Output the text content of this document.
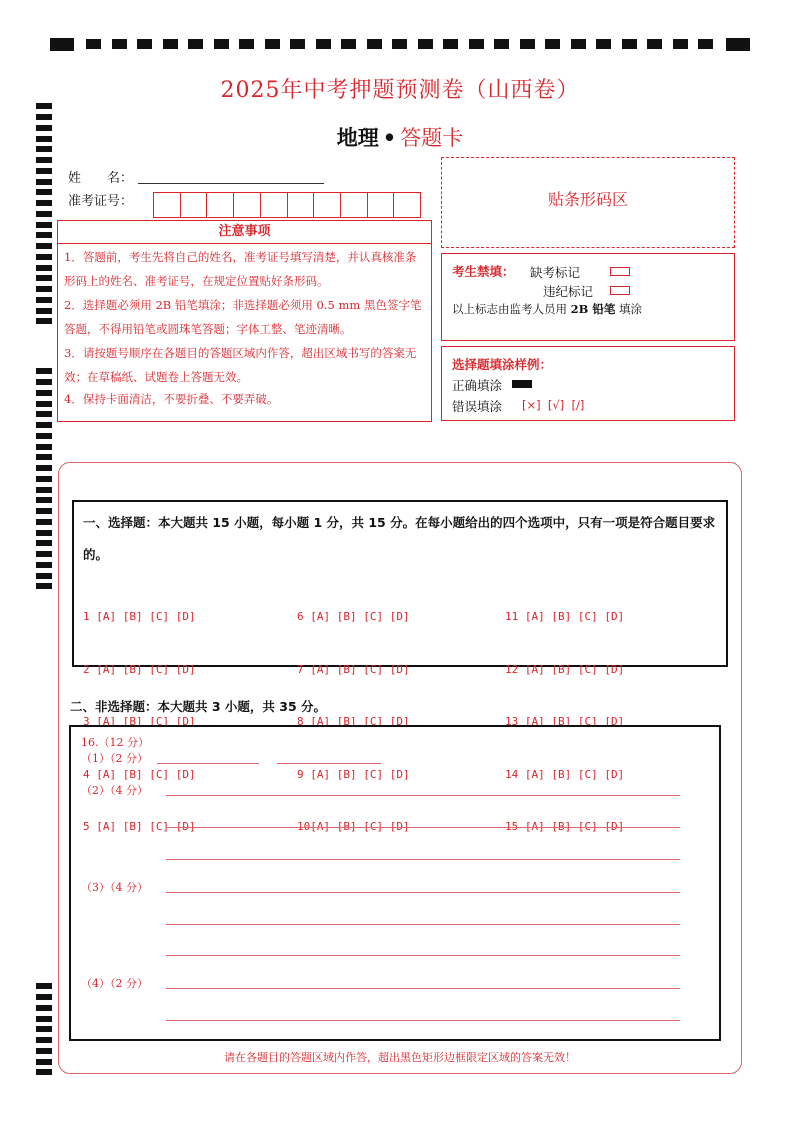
2025年中考押题预测卷（山西卷）
地理 • 答题卡
姓　　名：
准考证号：
注意事项
1．答题前，考生先将自己的姓名，准考证号填写清楚，并认真核准条形码上的姓名、准考证号，在规定位置贴好条形码。
2．选择题必须用 2B 铅笔填涂；非选择题必须用 0.5 mm 黑色签字笔答题，不得用铅笔或圆珠笔答题；字体工整、笔迹清晰。
3．请按题号顺序在各题目的答题区域内作答，超出区域书写的答案无效；在草稿纸、试题卷上答题无效。
4．保持卡面清洁，不要折叠、不要弄破。
贴条形码区
考生禁填： 缺考标记
违纪标记
以上标志由监考人员用 2B 铅笔 填涂
选择题填涂样例：
正确填涂
错误填涂 [×]  [√]  [/]
一、选择题：本大题共 15 小题，每小题 1 分，共 15 分。在每小题给出的四个选项中，只有一项是符合题目要求的。

1 [A] [B] [C] [D]

2 [A] [B] [C] [D]

3 [A] [B] [C] [D]

4 [A] [B] [C] [D]

5 [A] [B] [C] [D]

6 [A] [B] [C] [D]

7 [A] [B] [C] [D]

8 [A] [B] [C] [D]

9 [A] [B] [C] [D]

10[A] [B] [C] [D]

11 [A] [B] [C] [D]

12 [A] [B] [C] [D]

13 [A] [B] [C] [D]

14 [A] [B] [C] [D]

15 [A] [B] [C] [D]

二、非选择题：本大题共 3 小题，共 35 分。
16.（12 分）
（1）（2 分）
（2）（4 分）
（3）（4 分）
（4）（2 分）
请在各题目的答题区域内作答，超出黑色矩形边框限定区域的答案无效！
